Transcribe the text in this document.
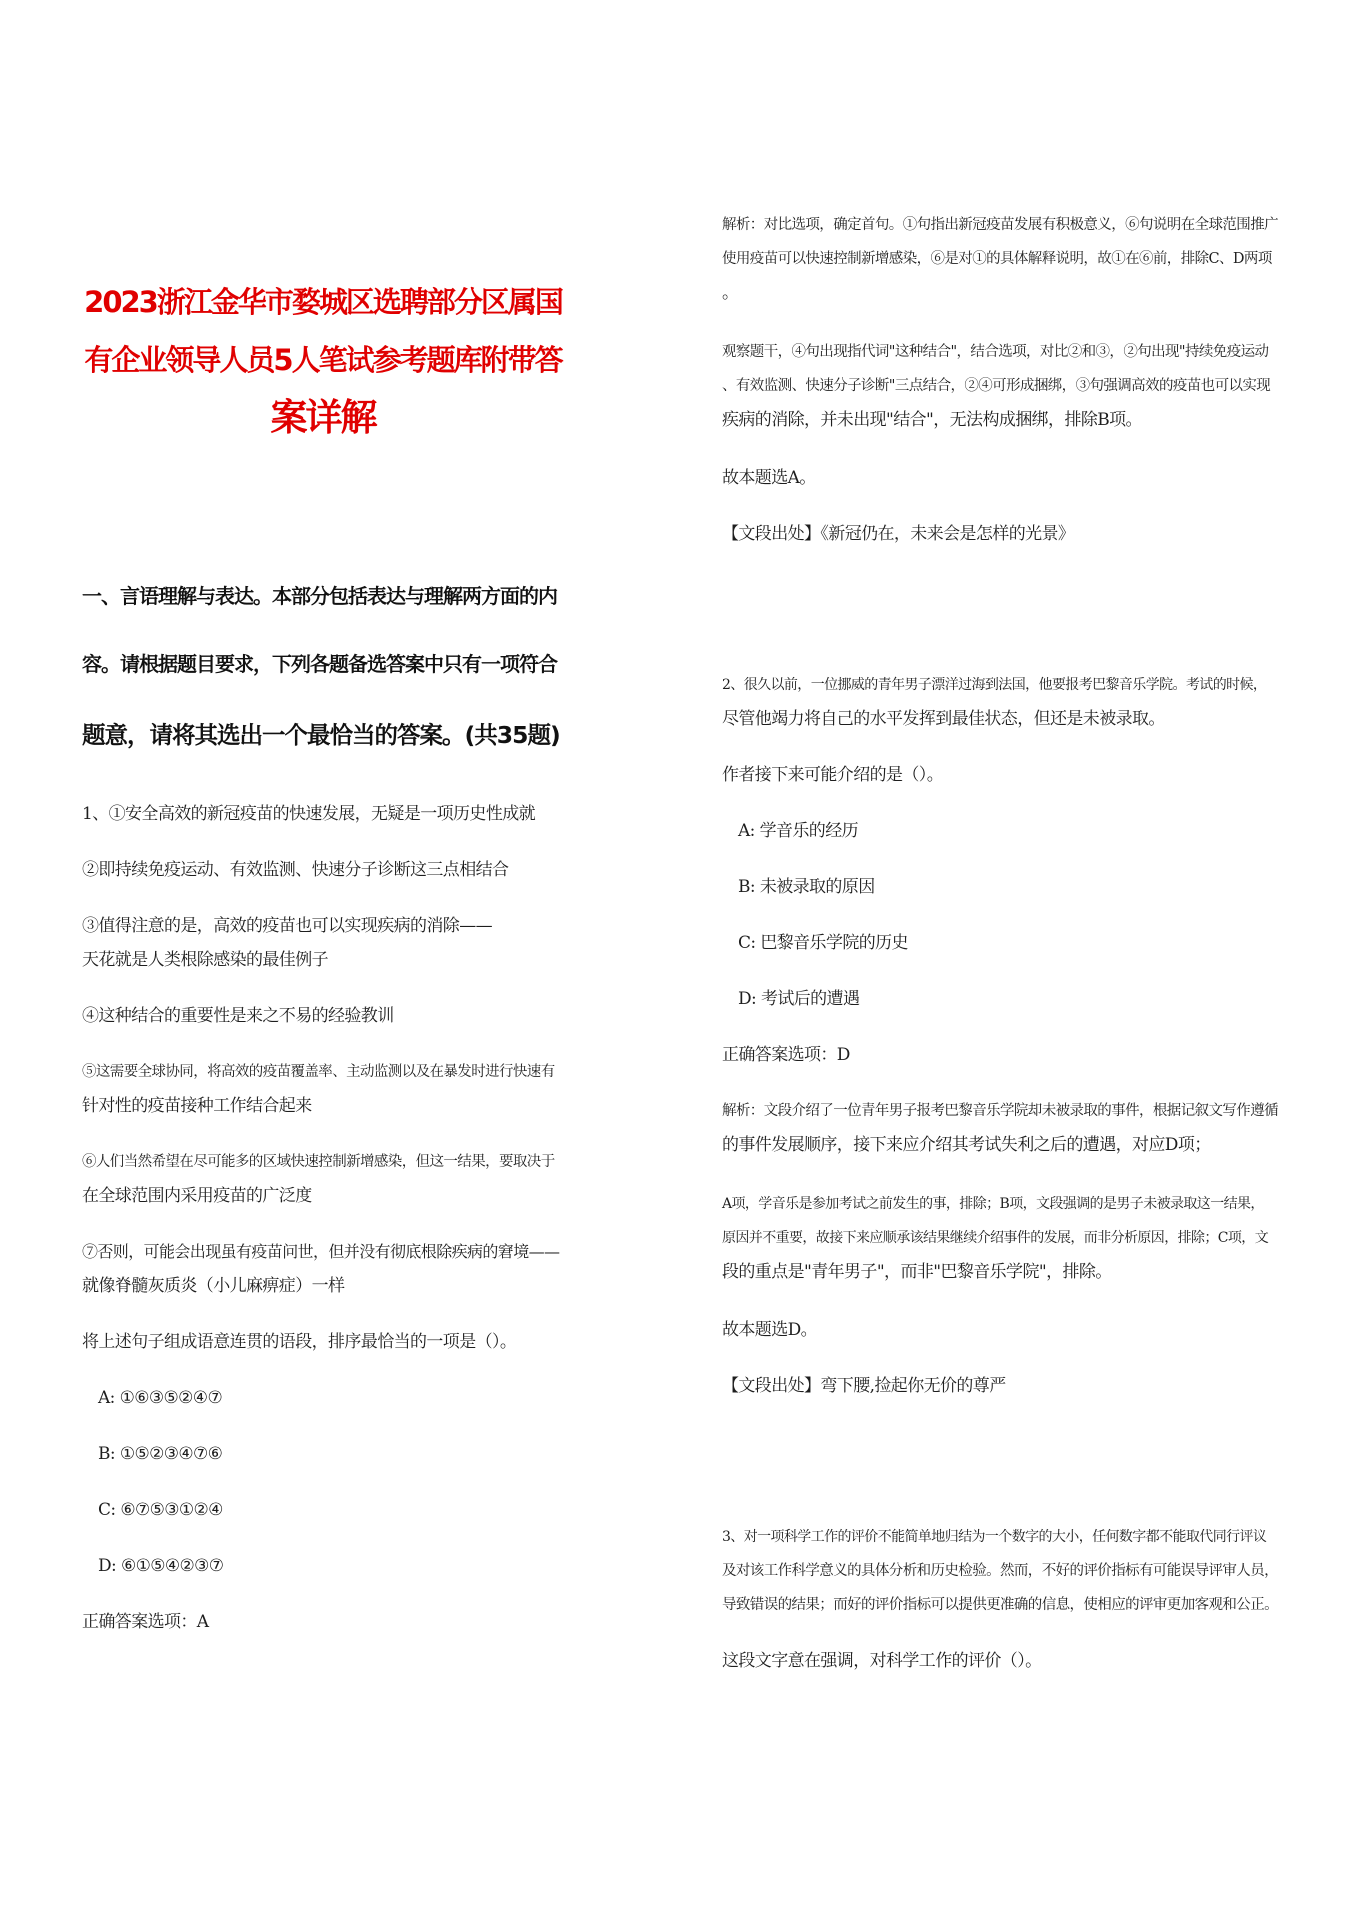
2023浙江金华市婺城区选聘部分区属国

有企业领导人员5人笔试参考题库附带答

案详解

一、言语理解与表达。本部分包括表达与理解两方面的内

容。请根据题目要求，下列各题备选答案中只有一项符合

题意，请将其选出一个最恰当的答案。(共35题)

1、①安全高效的新冠疫苗的快速发展，无疑是一项历史性成就

②即持续免疫运动、有效监测、快速分子诊断这三点相结合

③值得注意的是，高效的疫苗也可以实现疾病的消除——

天花就是人类根除感染的最佳例子

④这种结合的重要性是来之不易的经验教训

⑤这需要全球协同，将高效的疫苗覆盖率、主动监测以及在暴发时进行快速有

针对性的疫苗接种工作结合起来

⑥人们当然希望在尽可能多的区域快速控制新增感染，但这一结果，要取决于

在全球范围内采用疫苗的广泛度

⑦否则，可能会出现虽有疫苗问世，但并没有彻底根除疾病的窘境——

就像脊髓灰质炎（小儿麻痹症）一样

将上述句子组成语意连贯的语段，排序最恰当的一项是（）。

A: ①⑥③⑤②④⑦

B: ①⑤②③④⑦⑥

C: ⑥⑦⑤③①②④

D: ⑥①⑤④②③⑦

正确答案选项：A

解析：对比选项，确定首句。①句指出新冠疫苗发展有积极意义，⑥句说明在全球范围推广

使用疫苗可以快速控制新增感染，⑥是对①的具体解释说明，故①在⑥前，排除C、D两项

。

观察题干，④句出现指代词"这种结合"，结合选项，对比②和③，②句出现"持续免疫运动

、有效监测、快速分子诊断"三点结合，②④可形成捆绑，③句强调高效的疫苗也可以实现

疾病的消除，并未出现"结合"，无法构成捆绑，排除B项。

故本题选A。

【文段出处】《新冠仍在，未来会是怎样的光景》

2、很久以前，一位挪威的青年男子漂洋过海到法国，他要报考巴黎音乐学院。考试的时候，

尽管他竭力将自己的水平发挥到最佳状态，但还是未被录取。

作者接下来可能介绍的是（）。

A: 学音乐的经历

B: 未被录取的原因

C: 巴黎音乐学院的历史

D: 考试后的遭遇

正确答案选项：D

解析：文段介绍了一位青年男子报考巴黎音乐学院却未被录取的事件，根据记叙文写作遵循

的事件发展顺序，接下来应介绍其考试失利之后的遭遇，对应D项；

A项，学音乐是参加考试之前发生的事，排除；B项，文段强调的是男子未被录取这一结果，

原因并不重要，故接下来应顺承该结果继续介绍事件的发展，而非分析原因，排除；C项，文

段的重点是"青年男子"，而非"巴黎音乐学院"，排除。

故本题选D。

【文段出处】弯下腰,捡起你无价的尊严

3、对一项科学工作的评价不能简单地归结为一个数字的大小，任何数字都不能取代同行评议

及对该工作科学意义的具体分析和历史检验。然而，不好的评价指标有可能误导评审人员，

导致错误的结果；而好的评价指标可以提供更准确的信息，使相应的评审更加客观和公正。

这段文字意在强调，对科学工作的评价（）。
